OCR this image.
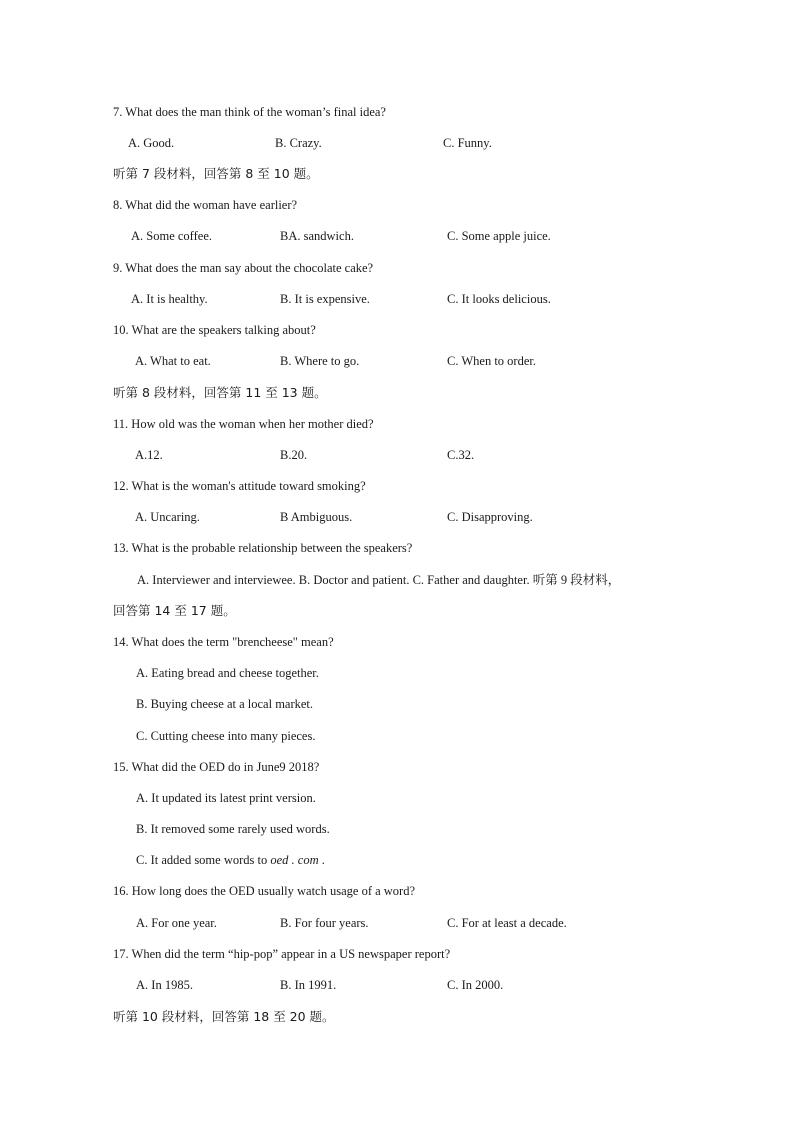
7. What does the man think of the woman’s final idea?
A. Good.	B. Crazy.	C. Funny.
听第 7 段材料，回答第 8 至 10 题。
8. What did the woman have earlier?
A. Some coffee.	BA. sandwich.	C. Some apple juice.
9. What does the man say about the chocolate cake?
A. It is healthy.	B. It is expensive.	C. It looks delicious.
10. What are the speakers talking about?
A. What to eat.	B. Where to go.	C. When to order.
听第 8 段材料，回答第 11 至 13 题。
11. How old was the woman when her mother died?
A.12.	B.20.	C.32.
12. What is the woman's attitude toward smoking?
A. Uncaring.	B Ambiguous.	C. Disapproving.
13. What is the probable relationship between the speakers?
A. Interviewer and interviewee. B. Doctor and patient. C. Father and daughter. 听第 9 段材料，
回答第 14 至 17 题。
14. What does the term "brencheese" mean?
A. Eating bread and cheese together.
B. Buying cheese at a local market.
C. Cutting cheese into many pieces.
15. What did the OED do in June9 2018?
A. It updated its latest print version.
B. It removed some rarely used words.
C. It added some words to oed . com .
16. How long does the OED usually watch usage of a word?
A. For one year.	B. For four years.	C. For at least a decade.
17. When did the term “hip-pop” appear in a US newspaper report?
A. In 1985.	B. In 1991.	C. In 2000.
听第 10 段材料，回答第 18 至 20 题。
